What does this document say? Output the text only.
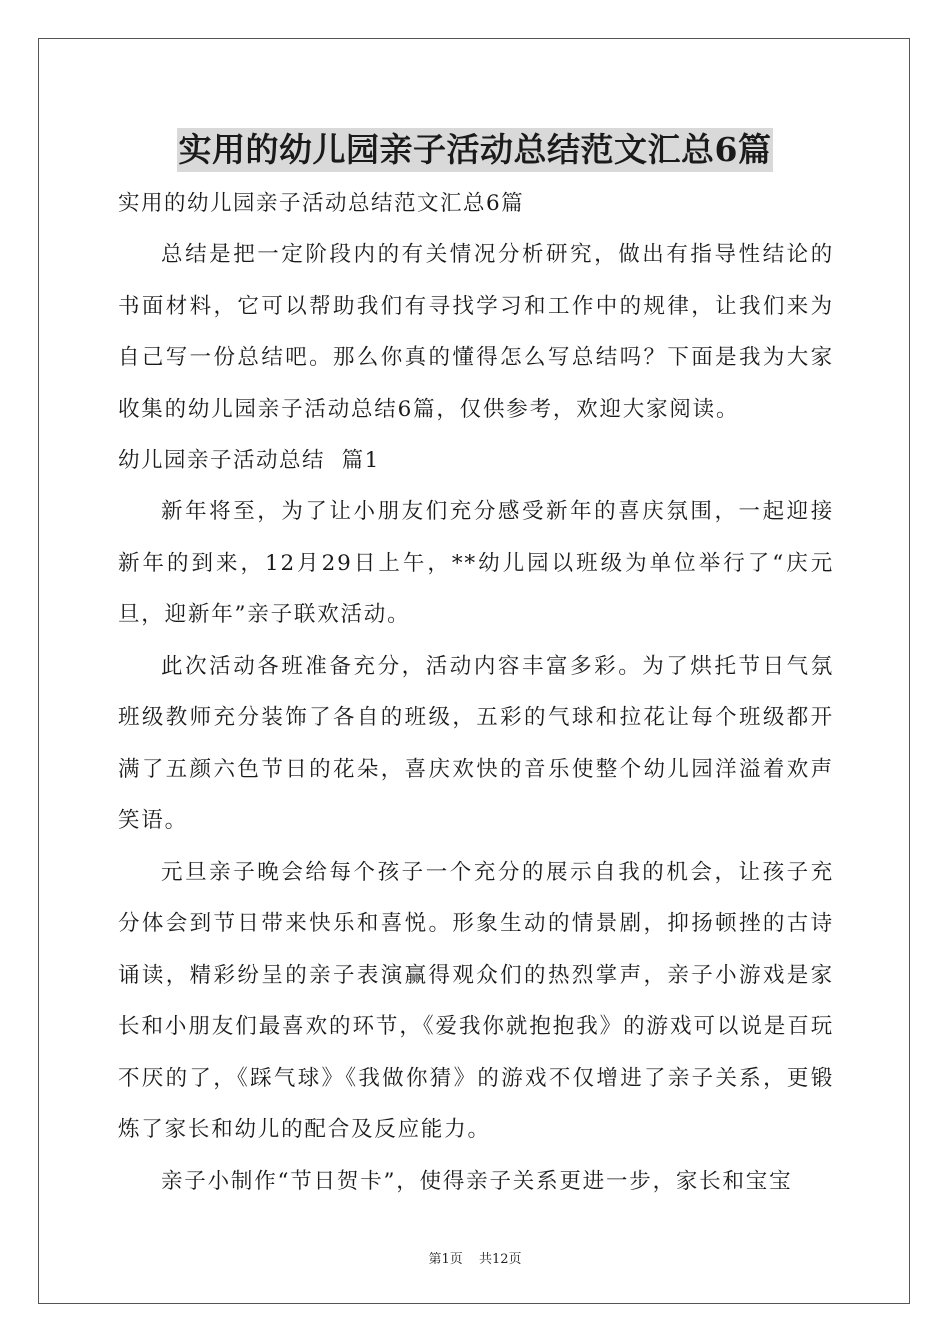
实用的幼儿园亲子活动总结范文汇总6篇
实用的幼儿园亲子活动总结范文汇总6篇

总结是把一定阶段内的有关情况分析研究，做出有指导性结论的书面材料，它可以帮助我们有寻找学习和工作中的规律，让我们来为自己写一份总结吧。那么你真的懂得怎么写总结吗？下面是我为大家收集的幼儿园亲子活动总结6篇，仅供参考，欢迎大家阅读。

幼儿园亲子活动总结  篇1

新年将至，为了让小朋友们充分感受新年的喜庆氛围，一起迎接新年的到来，12月29日上午，**幼儿园以班级为单位举行了“庆元旦，迎新年”亲子联欢活动。

此次活动各班准备充分，活动内容丰富多彩。为了烘托节日气氛班级教师充分装饰了各自的班级，五彩的气球和拉花让每个班级都开满了五颜六色节日的花朵，喜庆欢快的音乐使整个幼儿园洋溢着欢声笑语。

元旦亲子晚会给每个孩子一个充分的展示自我的机会，让孩子充分体会到节日带来快乐和喜悦。形象生动的情景剧，抑扬顿挫的古诗诵读，精彩纷呈的亲子表演赢得观众们的热烈掌声，亲子小游戏是家长和小朋友们最喜欢的环节，《爱我你就抱抱我》的游戏可以说是百玩不厌的了，《踩气球》《我做你猜》的游戏不仅增进了亲子关系，更锻炼了家长和幼儿的配合及反应能力。

亲子小制作“节日贺卡”，使得亲子关系更进一步，家长和宝宝

第1页 共12页
